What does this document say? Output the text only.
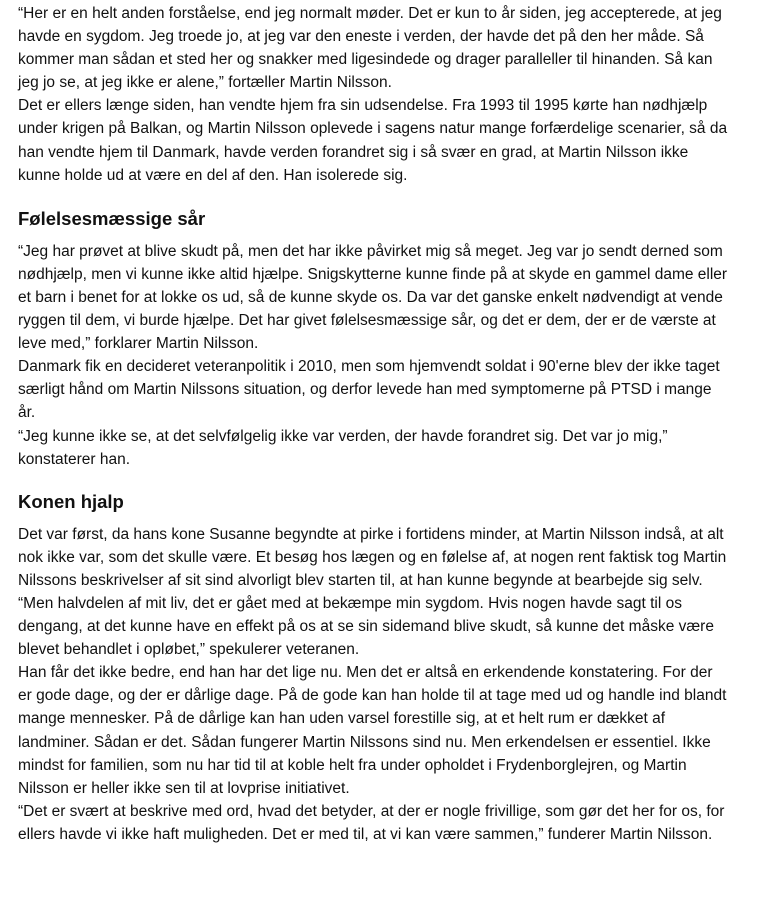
“Her er en helt anden forståelse, end jeg normalt møder. Det er kun to år siden, jeg accepterede, at jeg havde en sygdom. Jeg troede jo, at jeg var den eneste i verden, der havde det på den her måde. Så kommer man sådan et sted her og snakker med ligesindede og drager paralleller til hinanden. Så kan jeg jo se, at jeg ikke er alene,” fortæller Martin Nilsson.

Det er ellers længe siden, han vendte hjem fra sin udsendelse. Fra 1993 til 1995 kørte han nødhjælp under krigen på Balkan, og Martin Nilsson oplevede i sagens natur mange forfærdelige scenarier, så da han vendte hjem til Danmark, havde verden forandret sig i så svær en grad, at Martin Nilsson ikke kunne holde ud at være en del af den. Han isolerede sig.

Følelsesmæssige sår

“Jeg har prøvet at blive skudt på, men det har ikke påvirket mig så meget. Jeg var jo sendt derned som nødhjælp, men vi kunne ikke altid hjælpe. Snigskytterne kunne finde på at skyde en gammel dame eller et barn i benet for at lokke os ud, så de kunne skyde os. Da var det ganske enkelt nødvendigt at vende ryggen til dem, vi burde hjælpe. Det har givet følelsesmæssige sår, og det er dem, der er de værste at leve med,” forklarer Martin Nilsson.

Danmark fik en decideret veteranpolitik i 2010, men som hjemvendt soldat i 90'erne blev der ikke taget særligt hånd om Martin Nilssons situation, og derfor levede han med symptomerne på PTSD i mange år.

“Jeg kunne ikke se, at det selvfølgelig ikke var verden, der havde forandret sig. Det var jo mig,” konstaterer han.

Konen hjalp

Det var først, da hans kone Susanne begyndte at pirke i fortidens minder, at Martin Nilsson indså, at alt nok ikke var, som det skulle være. Et besøg hos lægen og en følelse af, at nogen rent faktisk tog Martin Nilssons beskrivelser af sit sind alvorligt blev starten til, at han kunne begynde at bearbejde sig selv.

“Men halvdelen af mit liv, det er gået med at bekæmpe min sygdom. Hvis nogen havde sagt til os dengang, at det kunne have en effekt på os at se sin sidemand blive skudt, så kunne det måske være blevet behandlet i opløbet,” spekulerer veteranen.

Han får det ikke bedre, end han har det lige nu. Men det er altså en erkendende konstatering. For der er gode dage, og der er dårlige dage. På de gode kan han holde til at tage med ud og handle ind blandt mange mennesker. På de dårlige kan han uden varsel forestille sig, at et helt rum er dækket af landminer. Sådan er det. Sådan fungerer Martin Nilssons sind nu. Men erkendelsen er essentiel. Ikke mindst for familien, som nu har tid til at koble helt fra under opholdet i Frydenborglejren, og Martin Nilsson er heller ikke sen til at lovprise initiativet.

“Det er svært at beskrive med ord, hvad det betyder, at der er nogle frivillige, som gør det her for os, for ellers havde vi ikke haft muligheden. Det er med til, at vi kan være sammen,” funderer Martin Nilsson.
